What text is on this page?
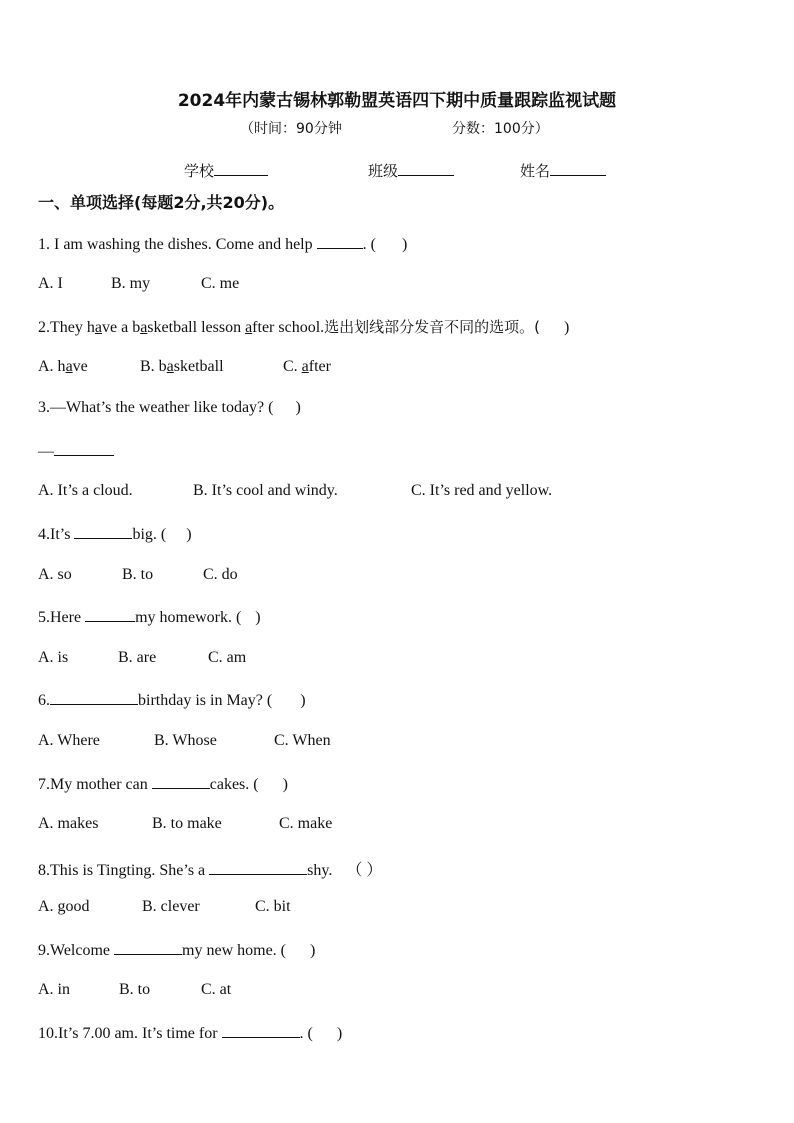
2024年内蒙古锡林郭勒盟英语四下期中质量跟踪监视试题
（时间：90分钟	分数：100分）
学校	班级	姓名
一、单项选择(每题2分,共20分)。
1. I am washing the dishes. Come and help	. ( )
A. I	B. my	C. me
2.They have a basketball lesson after school.选出划线部分发音不同的选项。( )
A. have	B. basketball	C. after
3.—What’s the weather like today? ( )
—
A. It’s a cloud.	B. It’s cool and windy.	C. It’s red and yellow.
4.It’s	big. ( )
A. so	B. to	C. do
5.Here	my homework. ( )
A. is	B. are	C. am
6.	birthday is in May? ( )
A. Where	B. Whose	C. When
7.My mother can	cakes. ( )
A. makes	B. to make	C. make
8.This is Tingting. She’s a	shy. （ ）
A. good	B. clever	C. bit
9.Welcome	my new home. ( )
A. in	B. to	C. at
10.It’s 7.00 am. It’s time for	. ( )
